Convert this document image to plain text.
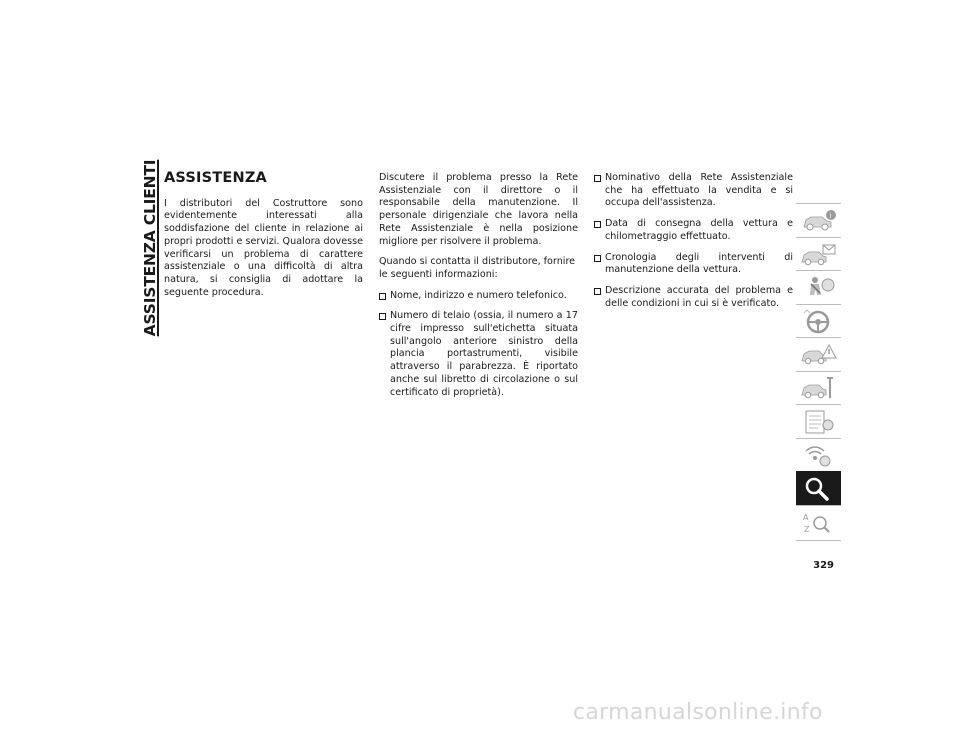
ASSISTENZA CLIENTI ASSISTENZA

I distributori del Costruttore sono evidentemente interessati alla soddisfazione del cliente in relazione ai propri prodotti e servizi. Qualora dovesse verificarsi un problema di carattere assistenziale o una difficoltà di altra natura, si consiglia di adottare la seguente procedura.

Discutere il problema presso la Rete Assistenziale con il direttore o il responsabile della manutenzione. Il personale dirigenziale che lavora nella Rete Assistenziale è nella posizione migliore per risolvere il problema.

Quando si contatta il distributore, fornire le seguenti informazioni:

Nome, indirizzo e numero telefonico.
Numero di telaio (ossia, il numero a 17 cifre impresso sull'etichetta situata sull'angolo anteriore sinistro della plancia portastrumenti, visibile attraverso il parabrezza. È riportato anche sul libretto di circolazione o sul certificato di proprietà).
Nominativo della Rete Assistenziale che ha effettuato la vendita e si occupa dell'assistenza.
Data di consegna della vettura e chilometraggio effettuato.
Cronologia degli interventi di manutenzione della vettura.
Descrizione accurata del problema e delle condizioni in cui si è verificato.
i
A
Z
329
carmanualsonline.info
